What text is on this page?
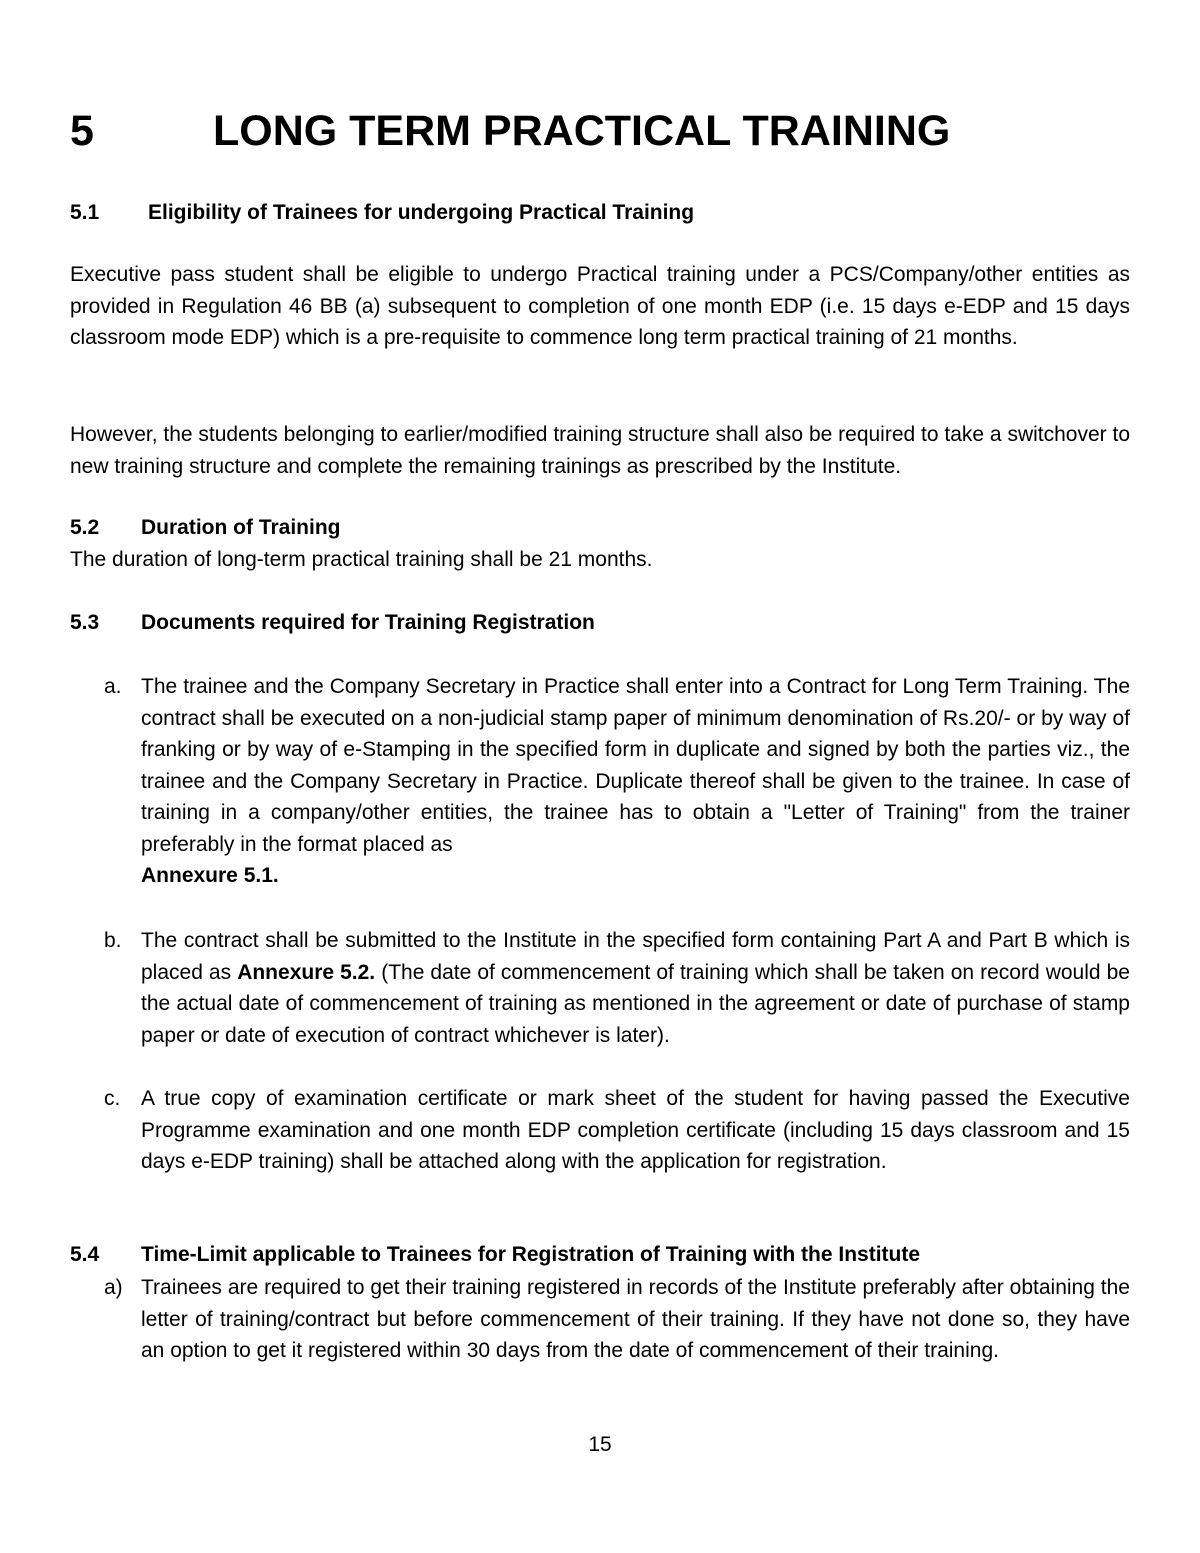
5	LONG TERM PRACTICAL TRAINING
5.1 Eligibility of Trainees for undergoing Practical Training

Executive pass student shall be eligible to undergo Practical training under a PCS/Company/other entities as provided in Regulation 46 BB (a) subsequent to completion of one month EDP (i.e. 15 days e-EDP and 15 days classroom mode EDP) which is a pre-requisite to commence long term practical training of 21 months.

However, the students belonging to earlier/modified training structure shall also be required to take a switchover to new training structure and complete the remaining trainings as prescribed by the Institute.

5.2 Duration of Training

The duration of long-term practical training shall be 21 months.

5.3 Documents required for Training Registration
a. The trainee and the Company Secretary in Practice shall enter into a Contract for Long Term Training. The contract shall be executed on a non-judicial stamp paper of minimum denomination of Rs.20/- or by way of franking or by way of e-Stamping in the specified form in duplicate and signed by both the parties viz., the trainee and the Company Secretary in Practice. Duplicate thereof shall be given to the trainee. In case of training in a company/other entities, the trainee has to obtain a "Letter of Training" from the trainer preferably in the format placed as
Annexure 5.1.
b. The contract shall be submitted to the Institute in the specified form containing Part A and Part B which is placed as Annexure 5.2. (The date of commencement of training which shall be taken on record would be the actual date of commencement of training as mentioned in the agreement or date of purchase of stamp paper or date of execution of contract whichever is later).
c. A true copy of examination certificate or mark sheet of the student for having passed the Executive Programme examination and one month EDP completion certificate (including 15 days classroom and 15 days e-EDP training) shall be attached along with the application for registration.
5.4 Time-Limit applicable to Trainees for Registration of Training with the Institute
a) Trainees are required to get their training registered in records of the Institute preferably after obtaining the letter of training/contract but before commencement of their training. If they have not done so, they have an option to get it registered within 30 days from the date of commencement of their training.
15
